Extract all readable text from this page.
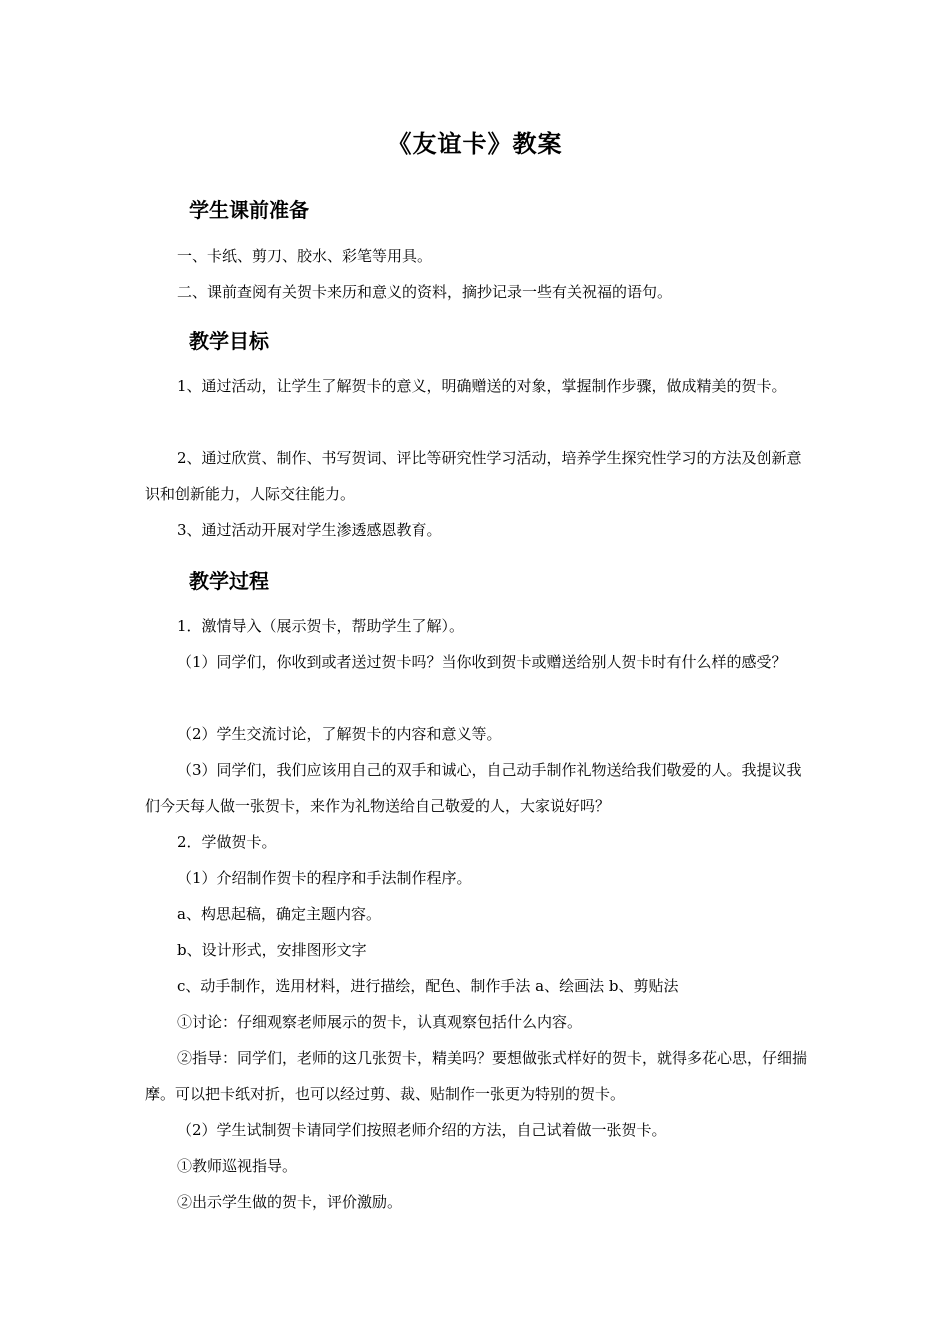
《友谊卡》教案
学生课前准备

一、卡纸、剪刀、胶水、彩笔等用具。

二、课前查阅有关贺卡来历和意义的资料，摘抄记录一些有关祝福的语句。

教学目标

1、通过活动，让学生了解贺卡的意义，明确赠送的对象，掌握制作步骤，做成精美的贺卡。

2、通过欣赏、制作、书写贺词、评比等研究性学习活动，培养学生探究性学习的方法及创新意识和创新能力，人际交往能力。

3、通过活动开展对学生渗透感恩教育。

教学过程

1．激情导入（展示贺卡，帮助学生了解）。

（1）同学们，你收到或者送过贺卡吗？当你收到贺卡或赠送给别人贺卡时有什么样的感受？

（2）学生交流讨论，了解贺卡的内容和意义等。

（3）同学们，我们应该用自己的双手和诚心，自己动手制作礼物送给我们敬爱的人。我提议我们今天每人做一张贺卡，来作为礼物送给自己敬爱的人，大家说好吗？

2．学做贺卡。

（1）介绍制作贺卡的程序和手法制作程序。

a、构思起稿，确定主题内容。

b、设计形式，安排图形文字

c、动手制作，选用材料，进行描绘，配色、制作手法 a、绘画法 b、剪贴法

①讨论：仔细观察老师展示的贺卡，认真观察包括什么内容。

②指导：同学们，老师的这几张贺卡，精美吗？要想做张式样好的贺卡，就得多花心思，仔细揣摩。可以把卡纸对折，也可以经过剪、裁、贴制作一张更为特别的贺卡。

（2）学生试制贺卡请同学们按照老师介绍的方法，自己试着做一张贺卡。

①教师巡视指导。

②出示学生做的贺卡，评价激励。
